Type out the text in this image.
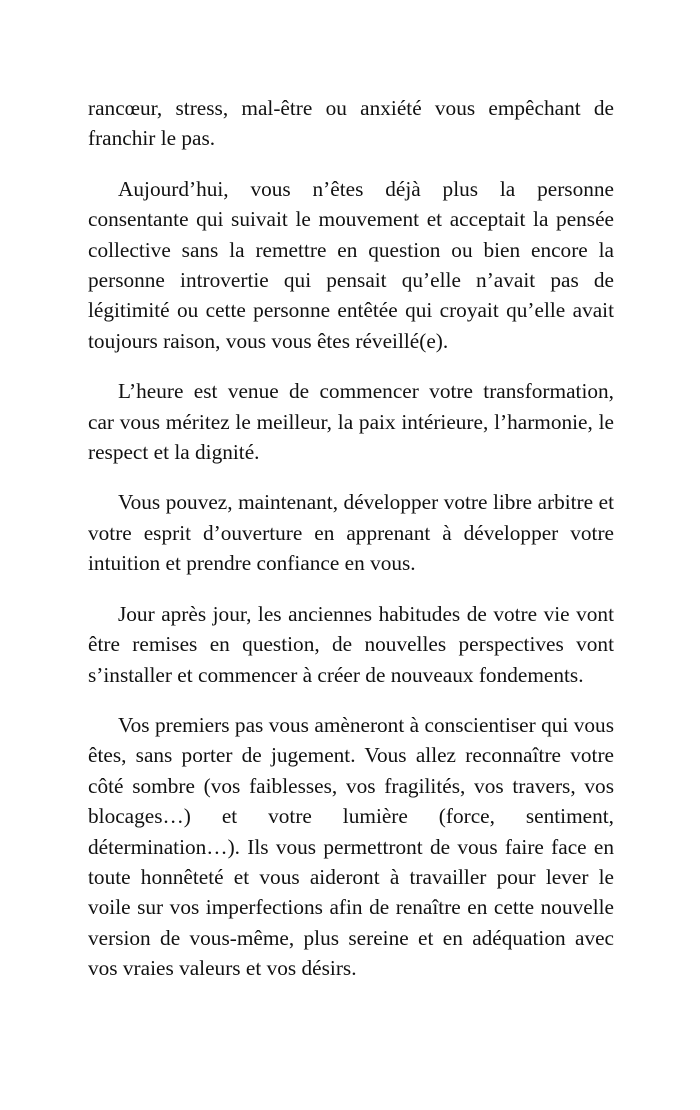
rancœur, stress, mal-être ou anxiété vous empêchant de franchir le pas.

Aujourd’hui, vous n’êtes déjà plus la personne consentante qui suivait le mouvement et acceptait la pensée collective sans la remettre en question ou bien encore la personne introvertie qui pensait qu’elle n’avait pas de légitimité ou cette personne entêtée qui croyait qu’elle avait toujours raison, vous vous êtes réveillé(e).

L’heure est venue de commencer votre transformation, car vous méritez le meilleur, la paix intérieure, l’harmonie, le respect et la dignité.

Vous pouvez, maintenant, développer votre libre arbitre et votre esprit d’ouverture en apprenant à développer votre intuition et prendre confiance en vous.

Jour après jour, les anciennes habitudes de votre vie vont être remises en question, de nouvelles perspectives vont s’installer et commencer à créer de nouveaux fondements.

Vos premiers pas vous amèneront à conscientiser qui vous êtes, sans porter de jugement. Vous allez reconnaître votre côté sombre (vos faiblesses, vos fragilités, vos travers, vos blocages…) et votre lumière (force, sentiment, détermination…). Ils vous permettront de vous faire face en toute honnêteté et vous aideront à travailler pour lever le voile sur vos imperfections afin de renaître en cette nouvelle version de vous-même, plus sereine et en adéquation avec vos vraies valeurs et vos désirs.
